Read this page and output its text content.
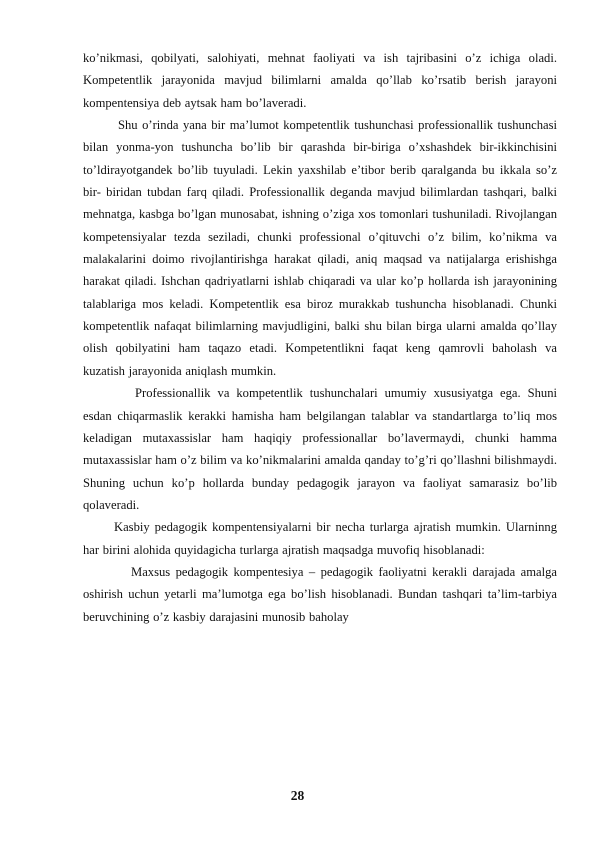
ko’nikmasi, qobilyati, salohiyati, mehnat faoliyati va ish tajribasini o’z ichiga oladi. Kompetentlik jarayonida mavjud bilimlarni amalda qo’llab ko’rsatib berish jarayoni kompentensiya deb aytsak ham bo’laveradi.

Shu o’rinda yana bir ma’lumot kompetentlik tushunchasi professionallik tushunchasi bilan yonma-yon tushuncha bo’lib bir qarashda bir-biriga o’xshashdek bir-ikkinchisini to’ldirayotgandek bo’lib tuyuladi. Lekin yaxshilab e’tibor berib qaralganda bu ikkala so’z bir- biridan tubdan farq qiladi. Professionallik deganda mavjud bilimlardan tashqari, balki mehnatga, kasbga bo’lgan munosabat, ishning o’ziga xos tomonlari tushuniladi. Rivojlangan kompetensiyalar tezda seziladi, chunki professional o’qituvchi o’z bilim, ko’nikma va malakalarini doimo rivojlantirishga harakat qiladi, aniq maqsad va natijalarga erishishga harakat qiladi. Ishchan qadriyatlarni ishlab chiqaradi va ular ko’p hollarda ish jarayonining talablariga mos keladi. Kompetentlik esa biroz murakkab tushuncha hisoblanadi. Chunki kompetentlik nafaqat bilimlarning mavjudligini, balki shu bilan birga ularni amalda qo’llay olish qobilyatini ham taqazo etadi. Kompetentlikni faqat keng qamrovli baholash va kuzatish jarayonida aniqlash mumkin.

Professionallik va kompetentlik tushunchalari umumiy xususiyatga ega. Shuni esdan chiqarmaslik kerakki hamisha ham belgilangan talablar va standartlarga to’liq mos keladigan mutaxassislar ham haqiqiy professionallar bo’lavermaydi, chunki hamma mutaxassislar ham o’z bilim va ko’nikmalarini amalda qanday to’g’ri qo’llashni bilishmaydi. Shuning uchun ko’p hollarda bunday pedagogik jarayon va faoliyat samarasiz bo’lib qolaveradi.

Kasbiy pedagogik kompentensiyalarni bir necha turlarga ajratish mumkin. Ularninng har birini alohida quyidagicha turlarga ajratish maqsadga muvofiq hisoblanadi:

Maxsus pedagogik kompentesiya – pedagogik faoliyatni kerakli darajada amalga oshirish uchun yetarli ma’lumotga ega bo’lish hisoblanadi. Bundan tashqari ta’lim-tarbiya beruvchining o’z kasbiy darajasini munosib baholay

28
